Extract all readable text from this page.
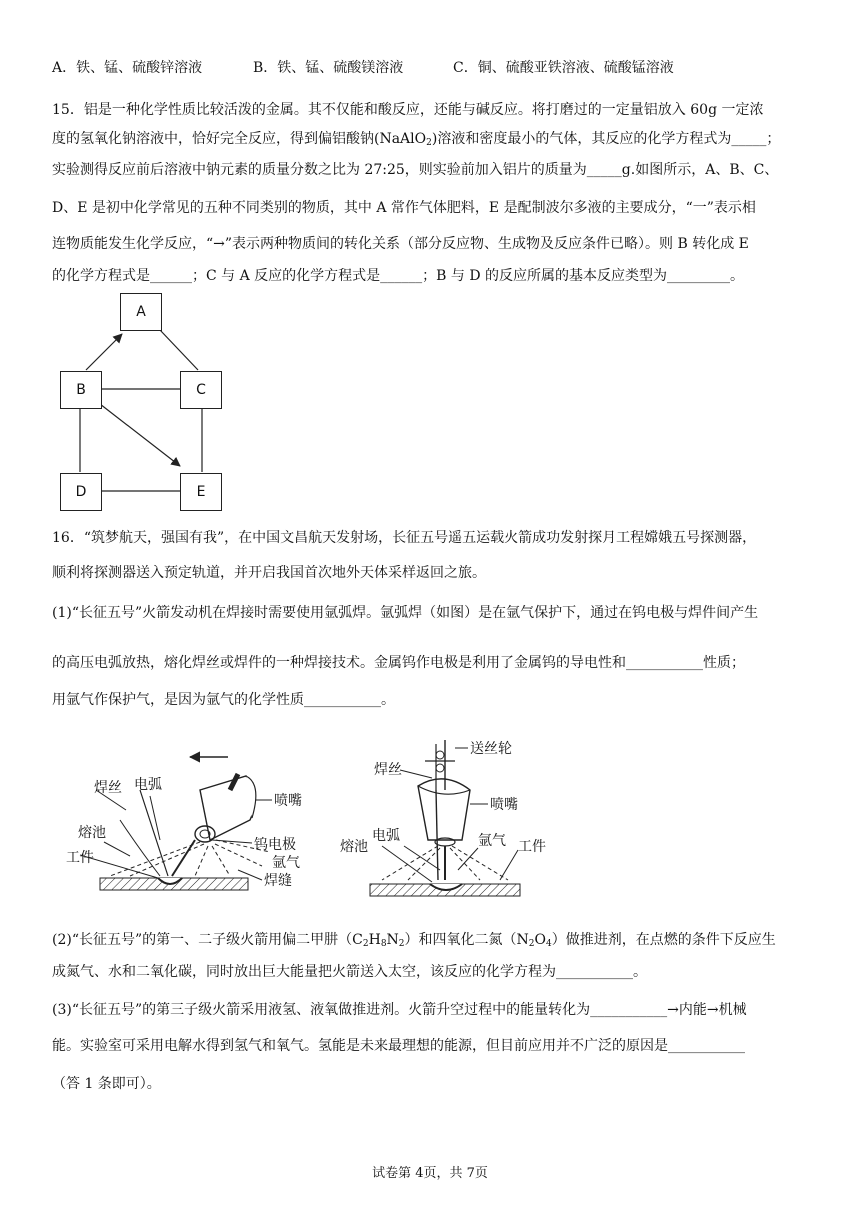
A．铁、锰、硫酸锌溶液	B．铁、锰、硫酸镁溶液	C．铜、硫酸亚铁溶液、硫酸锰溶液
15．铝是一种化学性质比较活泼的金属。其不仅能和酸反应，还能与碱反应。将打磨过的一定量铝放入 60g 一定浓
度的氢氧化钠溶液中，恰好完全反应，得到偏铝酸钠(NaAlO$_2$)溶液和密度最小的气体，其反应的化学方程式为_____；
实验测得反应前后溶液中钠元素的质量分数之比为 27:25，则实验前加入铝片的质量为_____g.如图所示，A、B、C、
D、E 是初中化学常见的五种不同类别的物质，其中 A 常作气体肥料，E 是配制波尔多液的主要成分，“一”表示相
连物质能发生化学反应，“→”表示两种物质间的转化关系（部分反应物、生成物及反应条件已略）。则 B 转化成 E
的化学方程式是______；C 与 A 反应的化学方程式是______；B 与 D 的反应所属的基本反应类型为_________。
A
B	C
D	E
16．“筑梦航天，强国有我”，在中国文昌航天发射场，长征五号遥五运载火箭成功发射探月工程嫦娥五号探测器，
顺利将探测器送入预定轨道，并开启我国首次地外天体采样返回之旅。
(1)“长征五号”火箭发动机在焊接时需要使用氩弧焊。氩弧焊（如图）是在氩气保护下，通过在钨电极与焊件间产生
的高压电弧放热，熔化焊丝或焊件的一种焊接技术。金属钨作电极是利用了金属钨的导电性和___________性质；
用氩气作保护气，是因为氩气的化学性质___________。
焊丝 电弧
喷嘴
熔池
工件
钨电极
氩气
焊缝
送丝轮
焊丝
喷嘴
熔池
电弧	氩气 工件
(2)“长征五号”的第一、二子级火箭用偏二甲肼$(C_2H_8N_2)$和四氧化二氮$(N_2O_4)$做推进剂，在点燃的条件下反应生
成氮气、水和二氧化碳，同时放出巨大能量把火箭送入太空，该反应的化学方程为___________。
(3)“长征五号”的第三子级火箭采用液氢、液氧做推进剂。火箭升空过程中的能量转化为___________→内能→机械
能。实验室可采用电解水得到氢气和氧气。氢能是未来最理想的能源，但目前应用并不广泛的原因是___________
（答 1 条即可）。
试卷第 4页，共 7页
